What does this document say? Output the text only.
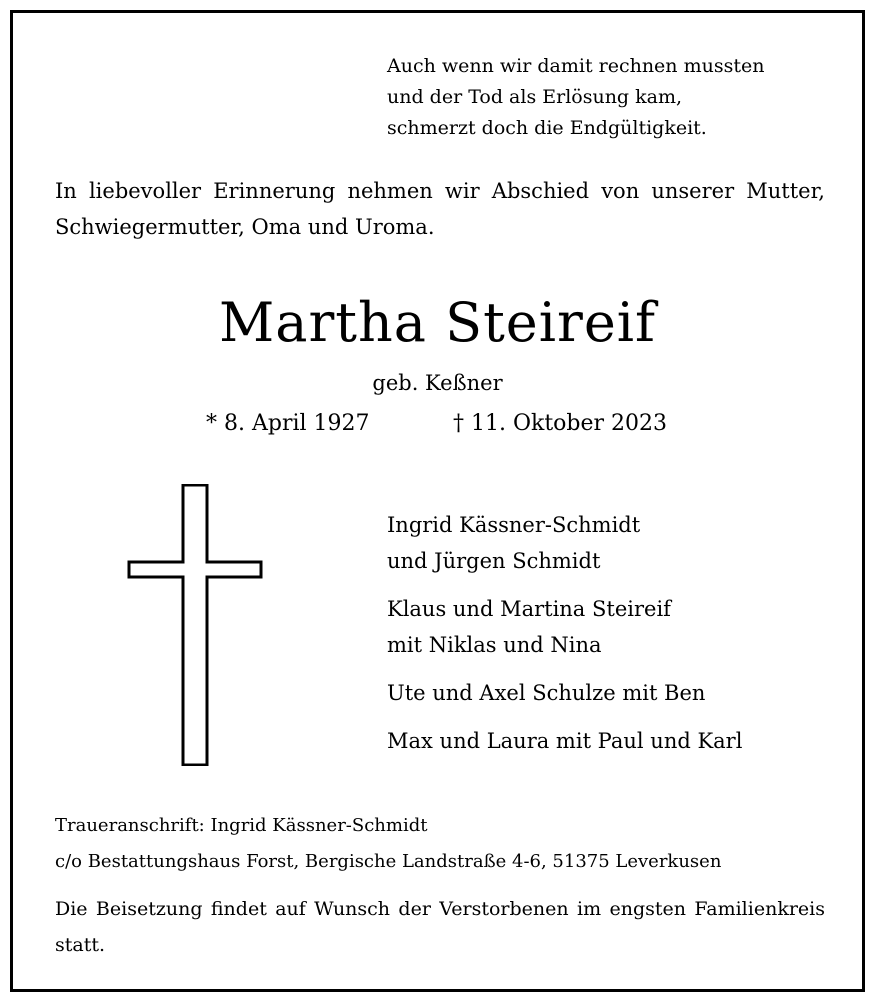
Auch wenn wir damit rechnen mussten
und der Tod als Erlösung kam,
schmerzt doch die Endgültigkeit.
In liebevoller Erinnerung nehmen wir Abschied von unserer Mutter, Schwiegermutter, Oma und Uroma.
Martha Steireif
geb. Keßner
* 8. April 1927	† 11. Oktober 2023
Ingrid Kässner-Schmidt
und Jürgen Schmidt
Klaus und Martina Steireif
mit Niklas und Nina
Ute und Axel Schulze mit Ben
Max und Laura mit Paul und Karl
Traueranschrift: Ingrid Kässner-Schmidt
c/o Bestattungshaus Forst, Bergische Landstraße 4-6, 51375 Leverkusen
Die Beisetzung findet auf Wunsch der Verstorbenen im engsten Familienkreis statt.
